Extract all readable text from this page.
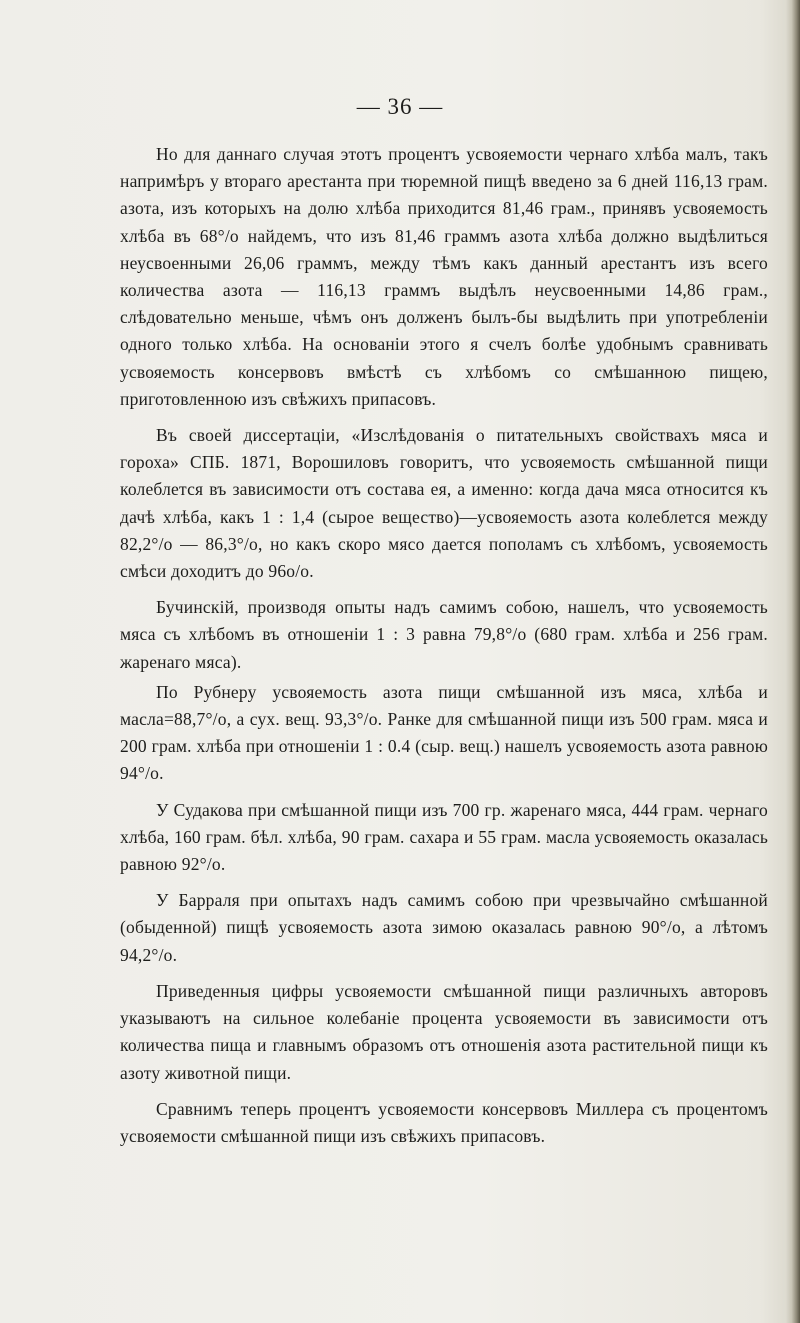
— 36 —

Но для даннаго случая этотъ процентъ усвояемости чернаго хлѣба малъ, такъ напримѣръ у втораго арестанта при тюремной пищѣ введено за 6 дней 116,13 грам. азота, изъ которыхъ на долю хлѣба приходится 81,46 грам., принявъ усвояемость хлѣба въ 68°/о найдемъ, что изъ 81,46 граммъ азота хлѣба должно выдѣлиться неусвоенными 26,06 граммъ, между тѣмъ какъ данный арестантъ изъ всего количества азота — 116,13 граммъ выдѣлъ неусвоенными 14,86 грам., слѣдовательно меньше, чѣмъ онъ долженъ былъ-бы выдѣлить при употребленіи одного только хлѣба. На основаніи этого я счелъ болѣе удобнымъ сравнивать усвояемость консервовъ вмѣстѣ съ хлѣбомъ со смѣшанною пищею, приготовленною изъ свѣжихъ припасовъ.

Въ своей диссертаціи, «Изслѣдованія о питательныхъ свойствахъ мяса и гороха» СПБ. 1871, Ворошиловъ говоритъ, что усвояемость смѣшанной пищи колеблется въ зависимости отъ состава ея, а именно: когда дача мяса относится къ дачѣ хлѣба, какъ 1 : 1,4 (сырое вещество)—усвояемость азота колеблется между 82,2°/о — 86,3°/о, но какъ скоро мясо дается пополамъ съ хлѣбомъ, усвояемость смѣси доходитъ до 96о/о.

Бучинскій, производя опыты надъ самимъ собою, нашелъ, что усвояемость мяса съ хлѣбомъ въ отношеніи 1 : 3 равна 79,8°/о (680 грам. хлѣба и 256 грам. жаренаго мяса).

По Рубнеру усвояемость азота пищи смѣшанной изъ мяса, хлѣба и масла=88,7°/о, а сух. вещ. 93,3°/о. Ранке для смѣшанной пищи изъ 500 грам. мяса и 200 грам. хлѣба при отношеніи 1 : 0.4 (сыр. вещ.) нашелъ усвояемость азота равною 94°/о.

У Судакова при смѣшанной пищи изъ 700 гр. жаренаго мяса, 444 грам. чернаго хлѣба, 160 грам. бѣл. хлѣба, 90 грам. сахара и 55 грам. масла усвояемость оказалась равною 92°/о.

У Барраля при опытахъ надъ самимъ собою при чрезвычайно смѣшанной (обыденной) пищѣ усвояемость азота зимою оказалась равною 90°/о, а лѣтомъ 94,2°/о.

Приведенныя цифры усвояемости смѣшанной пищи различныхъ авторовъ указываютъ на сильное колебаніе процента усвояемости въ зависимости отъ количества пища и главнымъ образомъ отъ отношенія азота растительной пищи къ азоту животной пищи.

Сравнимъ теперь процентъ усвояемости консервовъ Миллера съ процентомъ усвояемости смѣшанной пищи изъ свѣжихъ припасовъ.
